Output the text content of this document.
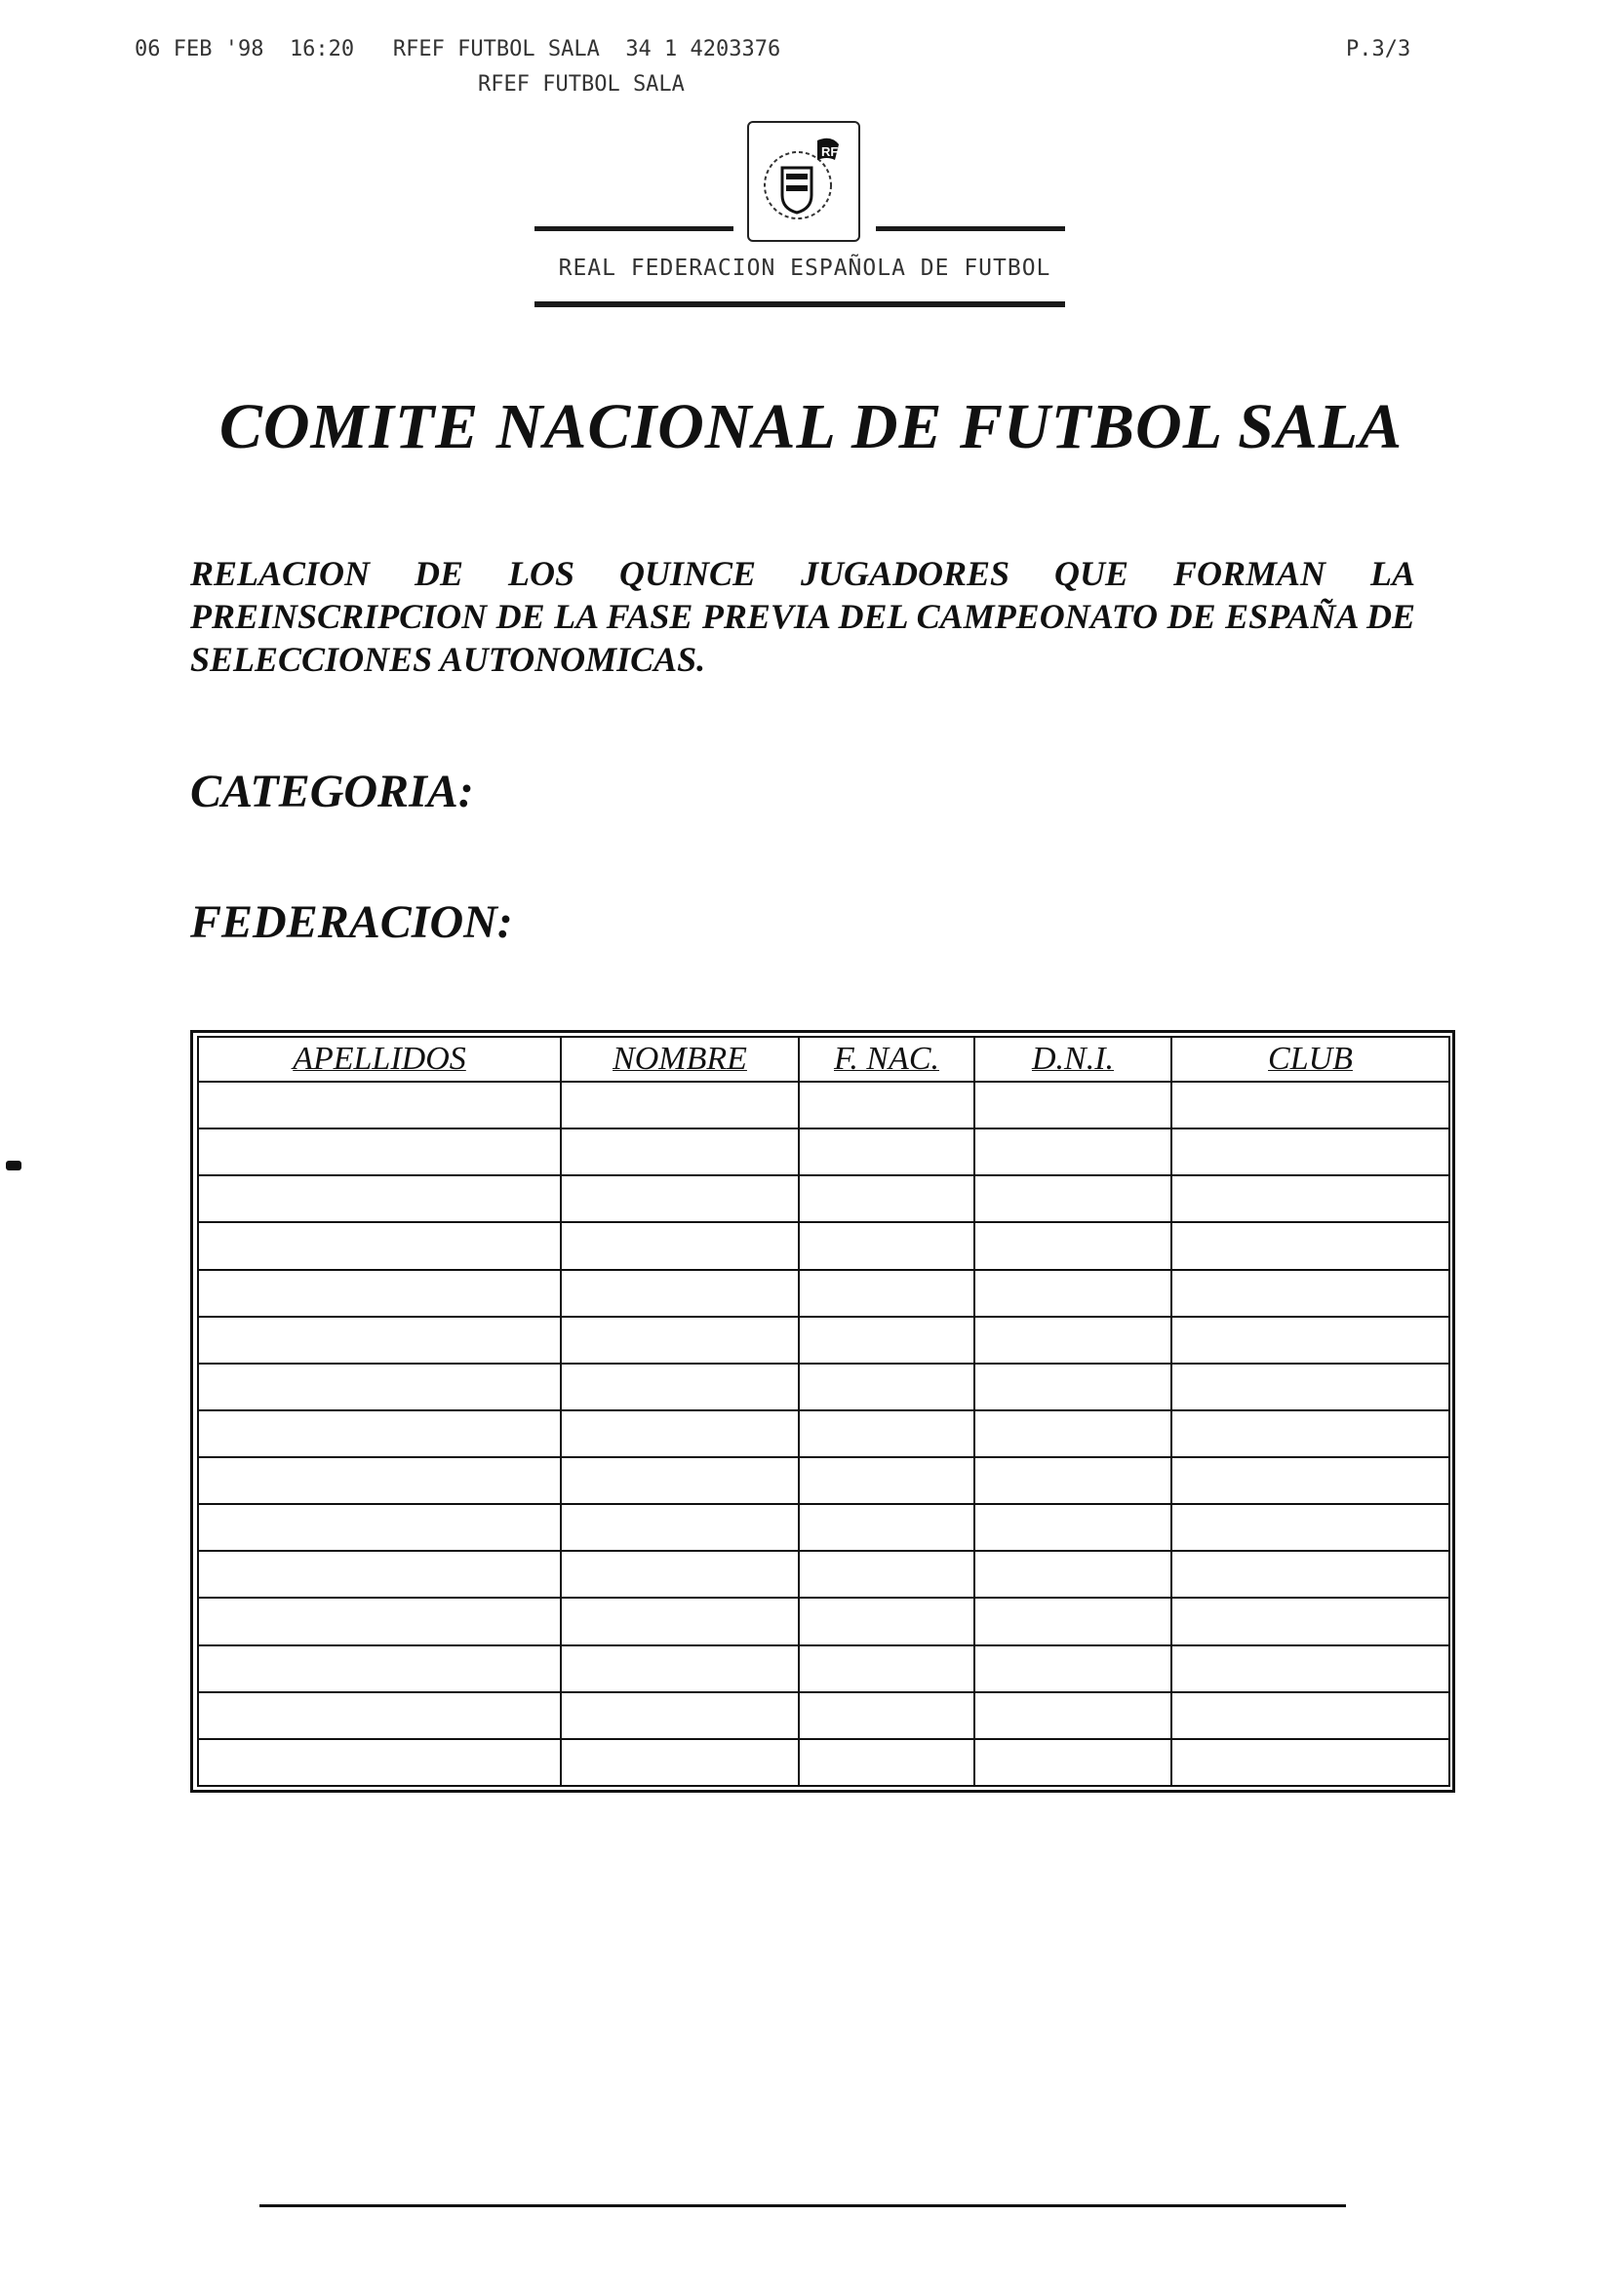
06 FEB '98  16:20   RFEF FUTBOL SALA  34 1 4203376
RFEF FUTBOL SALA
P.3/3
RFEF
REAL FEDERACION ESPAÑOLA DE FUTBOL
COMITE NACIONAL DE FUTBOL SALA

RELACION DE LOS QUINCE JUGADORES QUE FORMAN LA PREINSCRIPCION DE LA FASE PREVIA DEL CAMPEONATO DE ESPAÑA DE SELECCIONES AUTONOMICAS.

CATEGORIA:
FEDERACION:
APELLIDOS	NOMBRE	F. NAC.	D.N.I.	CLUB
